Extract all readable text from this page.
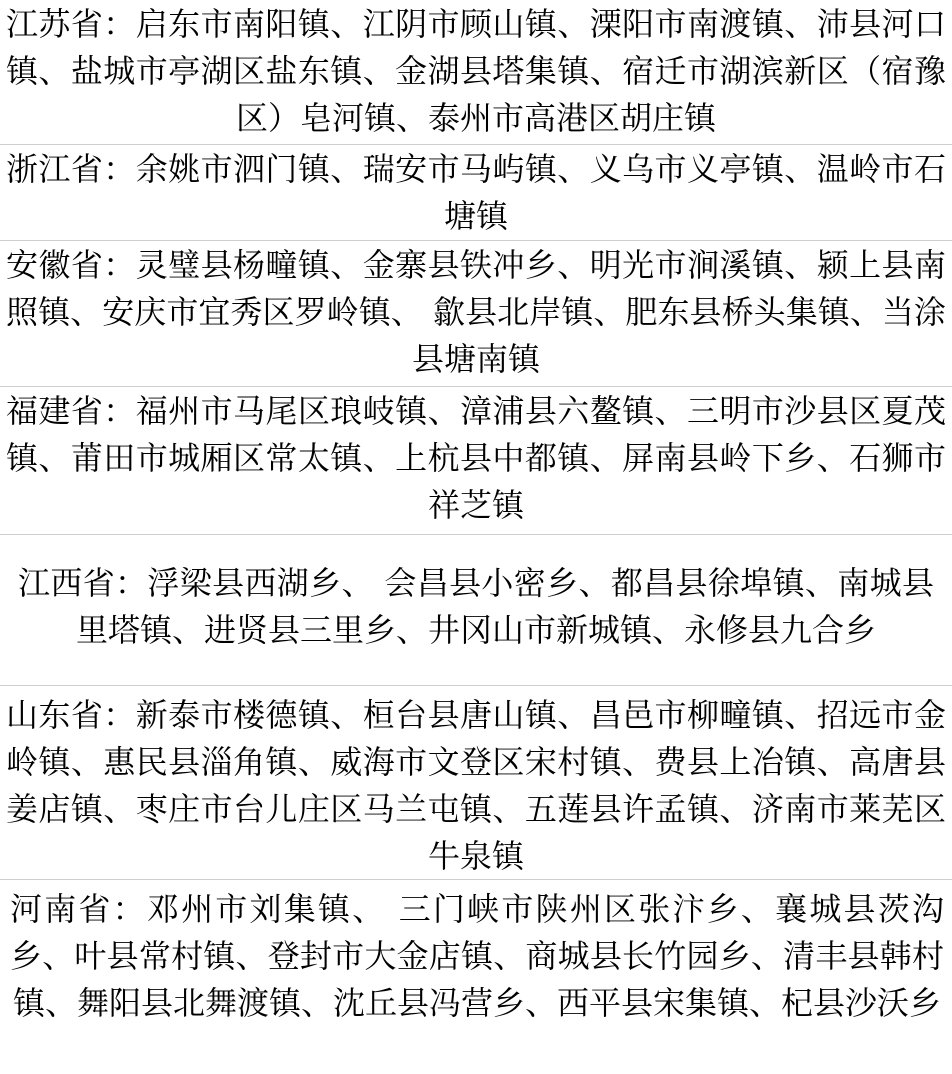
江苏省：启东市南阳镇、江阴市顾山镇、溧阳市南渡镇、沛县河口镇、盐城市亭湖区盐东镇、金湖县塔集镇、宿迁市湖滨新区（宿豫区）皂河镇、泰州市高港区胡庄镇
浙江省：余姚市泗门镇、瑞安市马屿镇、义乌市义亭镇、温岭市石塘镇
安徽省：灵璧县杨疃镇、金寨县铁冲乡、明光市涧溪镇、颍上县南照镇、安庆市宜秀区罗岭镇、 歙县北岸镇、肥东县桥头集镇、当涂县塘南镇
福建省：福州市马尾区琅岐镇、漳浦县六鳌镇、三明市沙县区夏茂镇、莆田市城厢区常太镇、上杭县中都镇、屏南县岭下乡、石狮市祥芝镇
江西省：浮梁县西湖乡、 会昌县小密乡、都昌县徐埠镇、南城县里塔镇、进贤县三里乡、井冈山市新城镇、永修县九合乡
山东省：新泰市楼德镇、桓台县唐山镇、昌邑市柳疃镇、招远市金岭镇、惠民县淄角镇、威海市文登区宋村镇、费县上冶镇、高唐县姜店镇、枣庄市台儿庄区马兰屯镇、五莲县许孟镇、济南市莱芜区牛泉镇
河南省：邓州市刘集镇、 三门峡市陕州区张汴乡、襄城县茨沟乡、叶县常村镇、登封市大金店镇、商城县长竹园乡、清丰县韩村镇、舞阳县北舞渡镇、沈丘县冯营乡、西平县宋集镇、杞县沙沃乡
